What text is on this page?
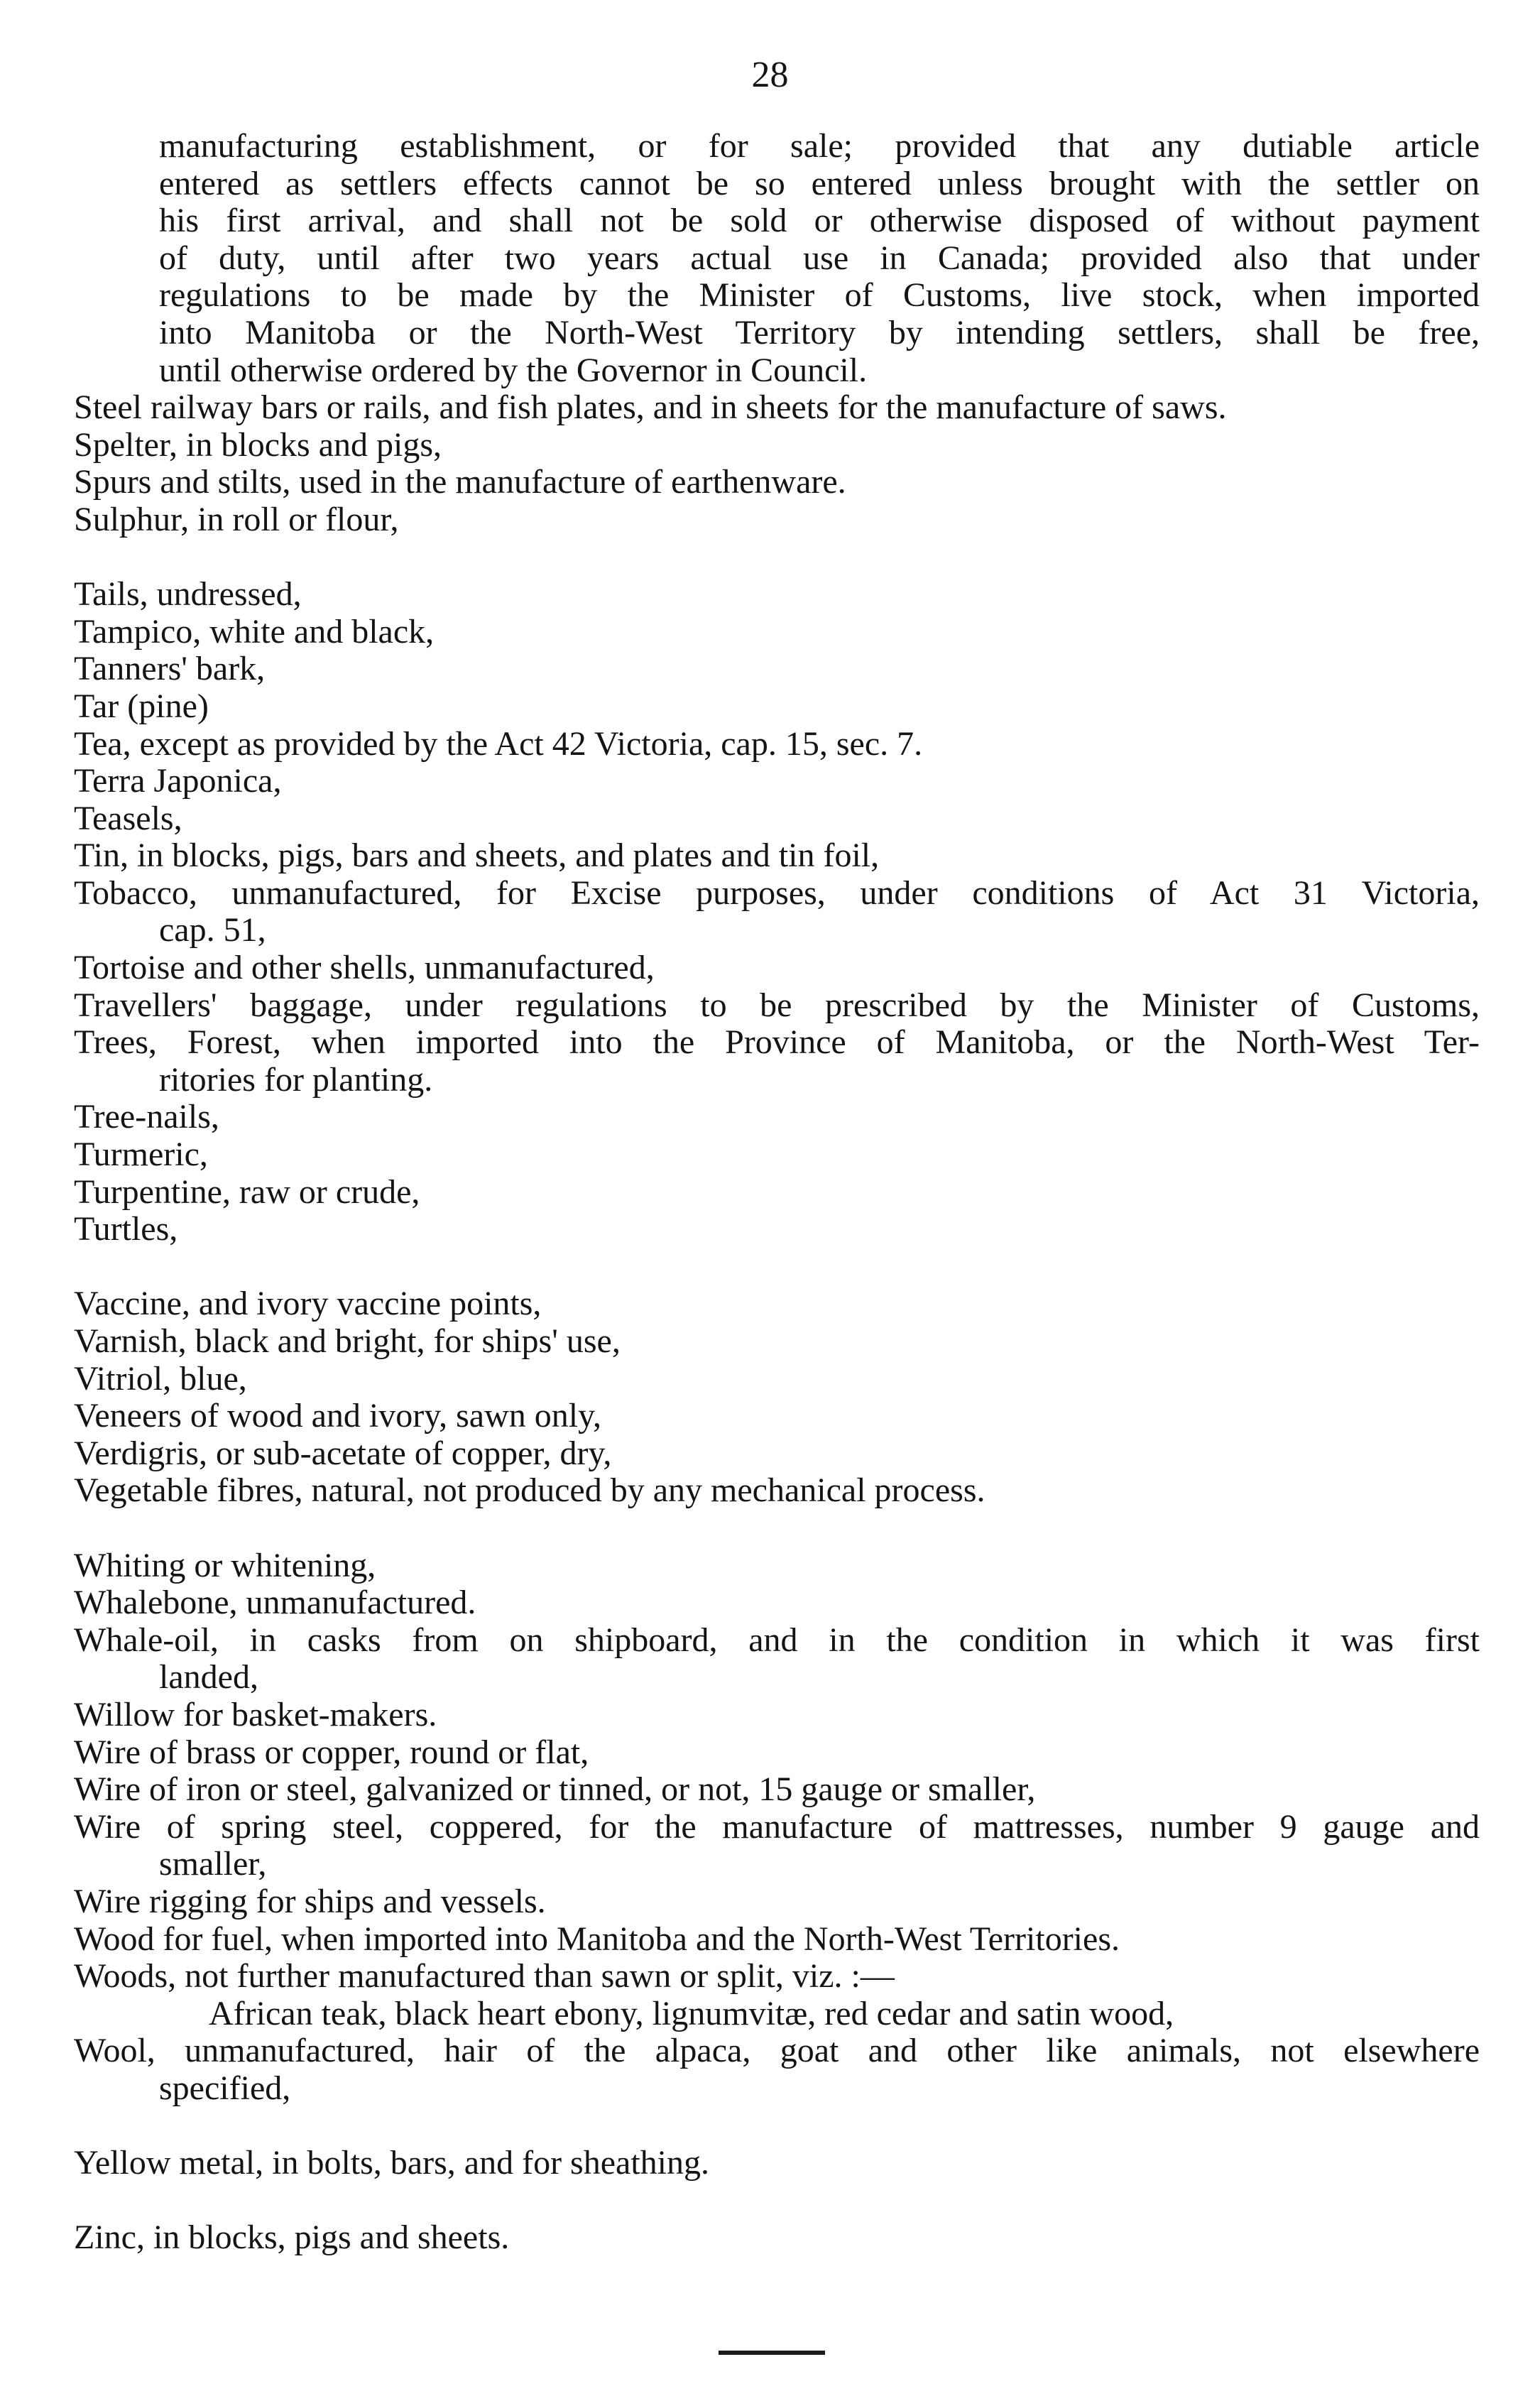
28
manufacturing establishment, or for sale; provided that any dutiable article
entered as settlers effects cannot be so entered unless brought with the settler on
his first arrival, and shall not be sold or otherwise disposed of without payment
of duty, until after two years actual use in Canada; provided also that under
regulations to be made by the Minister of Customs, live stock, when imported
into Manitoba or the North-West Territory by intending settlers, shall be free,
until otherwise ordered by the Governor in Council.
Steel railway bars or rails, and fish plates, and in sheets for the manufacture of saws.
Spelter, in blocks and pigs,
Spurs and stilts, used in the manufacture of earthenware.
Sulphur, in roll or flour,
Tails, undressed,
Tampico, white and black,
Tanners' bark,
Tar (pine)
Tea, except as provided by the Act 42 Victoria, cap. 15, sec. 7.
Terra Japonica,
Teasels,
Tin, in blocks, pigs, bars and sheets, and plates and tin foil,
Tobacco, unmanufactured, for Excise purposes, under conditions of Act 31 Victoria,
cap. 51,
Tortoise and other shells, unmanufactured,
Travellers' baggage, under regulations to be prescribed by the Minister of Customs,
Trees, Forest, when imported into the Province of Manitoba, or the North-West Ter-
ritories for planting.
Tree-nails,
Turmeric,
Turpentine, raw or crude,
Turtles,
Vaccine, and ivory vaccine points,
Varnish, black and bright, for ships' use,
Vitriol, blue,
Veneers of wood and ivory, sawn only,
Verdigris, or sub-acetate of copper, dry,
Vegetable fibres, natural, not produced by any mechanical process.
Whiting or whitening,
Whalebone, unmanufactured.
Whale-oil, in casks from on shipboard, and in the condition in which it was first
landed,
Willow for basket-makers.
Wire of brass or copper, round or flat,
Wire of iron or steel, galvanized or tinned, or not, 15 gauge or smaller,
Wire of spring steel, coppered, for the manufacture of mattresses, number 9 gauge and
smaller,
Wire rigging for ships and vessels.
Wood for fuel, when imported into Manitoba and the North-West Territories.
Woods, not further manufactured than sawn or split, viz. :—
African teak, black heart ebony, lignumvitæ, red cedar and satin wood,
Wool, unmanufactured, hair of the alpaca, goat and other like animals, not elsewhere
specified,
Yellow metal, in bolts, bars, and for sheathing.
Zinc, in blocks, pigs and sheets.
